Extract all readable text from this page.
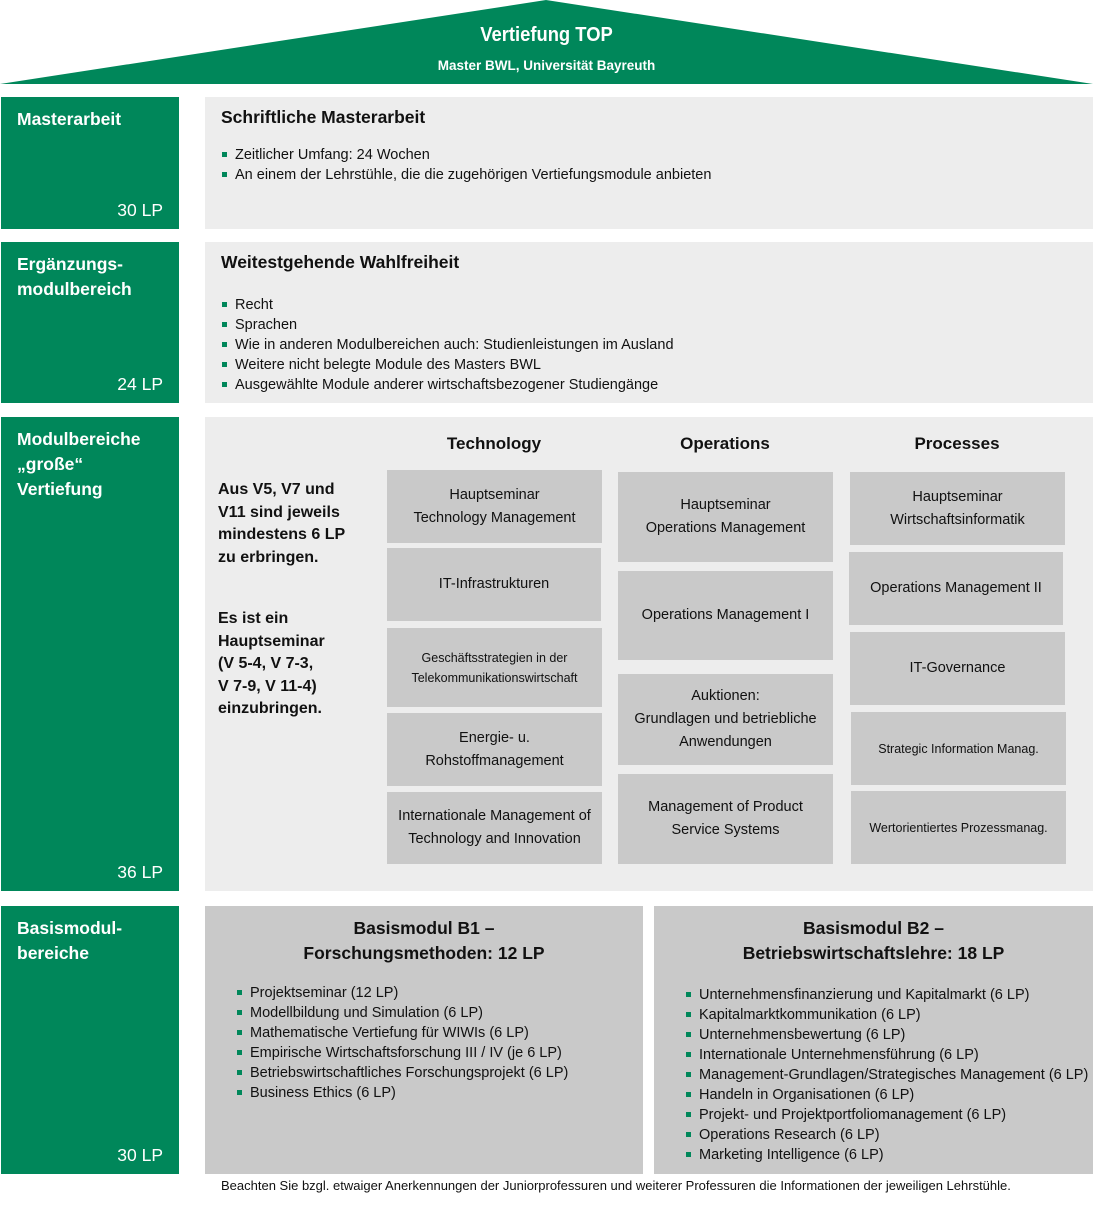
Vertiefung TOP
Master BWL, Universität Bayreuth
Masterarbeit
30 LP
Schriftliche Masterarbeit
Zeitlicher Umfang: 24 Wochen
An einem der Lehrstühle, die die zugehörigen Vertiefungsmodule anbieten
Ergänzungs-
modulbereich
24 LP
Weitestgehende Wahlfreiheit
Recht
Sprachen
Wie in anderen Modulbereichen auch: Studienleistungen im Ausland
Weitere nicht belegte Module des Masters BWL
Ausgewählte Module anderer wirtschaftsbezogener Studiengänge
Modulbereiche
„große“
Vertiefung
36 LP
Aus V5, V7 und
V11 sind jeweils
mindestens 6 LP
zu erbringen.
Es ist ein
Hauptseminar
(V 5-4, V 7-3,
V 7-9, V 11-4)
einzubringen.
Technology	Operations	Processes
Hauptseminar
Technology Management
IT-Infrastrukturen
Geschäftsstrategien in der
Telekommunikationswirtschaft
Energie- u.
Rohstoffmanagement
Internationale Management of
Technology and Innovation
Hauptseminar
Operations Management
Operations Management I
Auktionen:
Grundlagen und betriebliche
Anwendungen
Management of Product
Service Systems
Hauptseminar
Wirtschaftsinformatik
Operations Management II
IT-Governance
Strategic Information Manag.
Wertorientiertes Prozessmanag.
Basismodul-
bereiche
30 LP
Basismodul B1 –
Forschungsmethoden: 12 LP
Projektseminar (12 LP)
Modellbildung und Simulation (6 LP)
Mathematische Vertiefung für WIWIs (6 LP)
Empirische Wirtschaftsforschung III / IV (je 6 LP)
Betriebswirtschaftliches Forschungsprojekt (6 LP)
Business Ethics (6 LP)
Basismodul B2 –
Betriebswirtschaftslehre: 18 LP
Unternehmensfinanzierung und Kapitalmarkt (6 LP)
Kapitalmarktkommunikation (6 LP)
Unternehmensbewertung (6 LP)
Internationale Unternehmensführung (6 LP)
Management-Grundlagen/Strategisches Management (6 LP)
Handeln in Organisationen (6 LP)
Projekt- und Projektportfoliomanagement (6 LP)
Operations Research (6 LP)
Marketing Intelligence (6 LP)
Beachten Sie bzgl. etwaiger Anerkennungen der Juniorprofessuren und weiterer Professuren die Informationen der jeweiligen Lehrstühle.
